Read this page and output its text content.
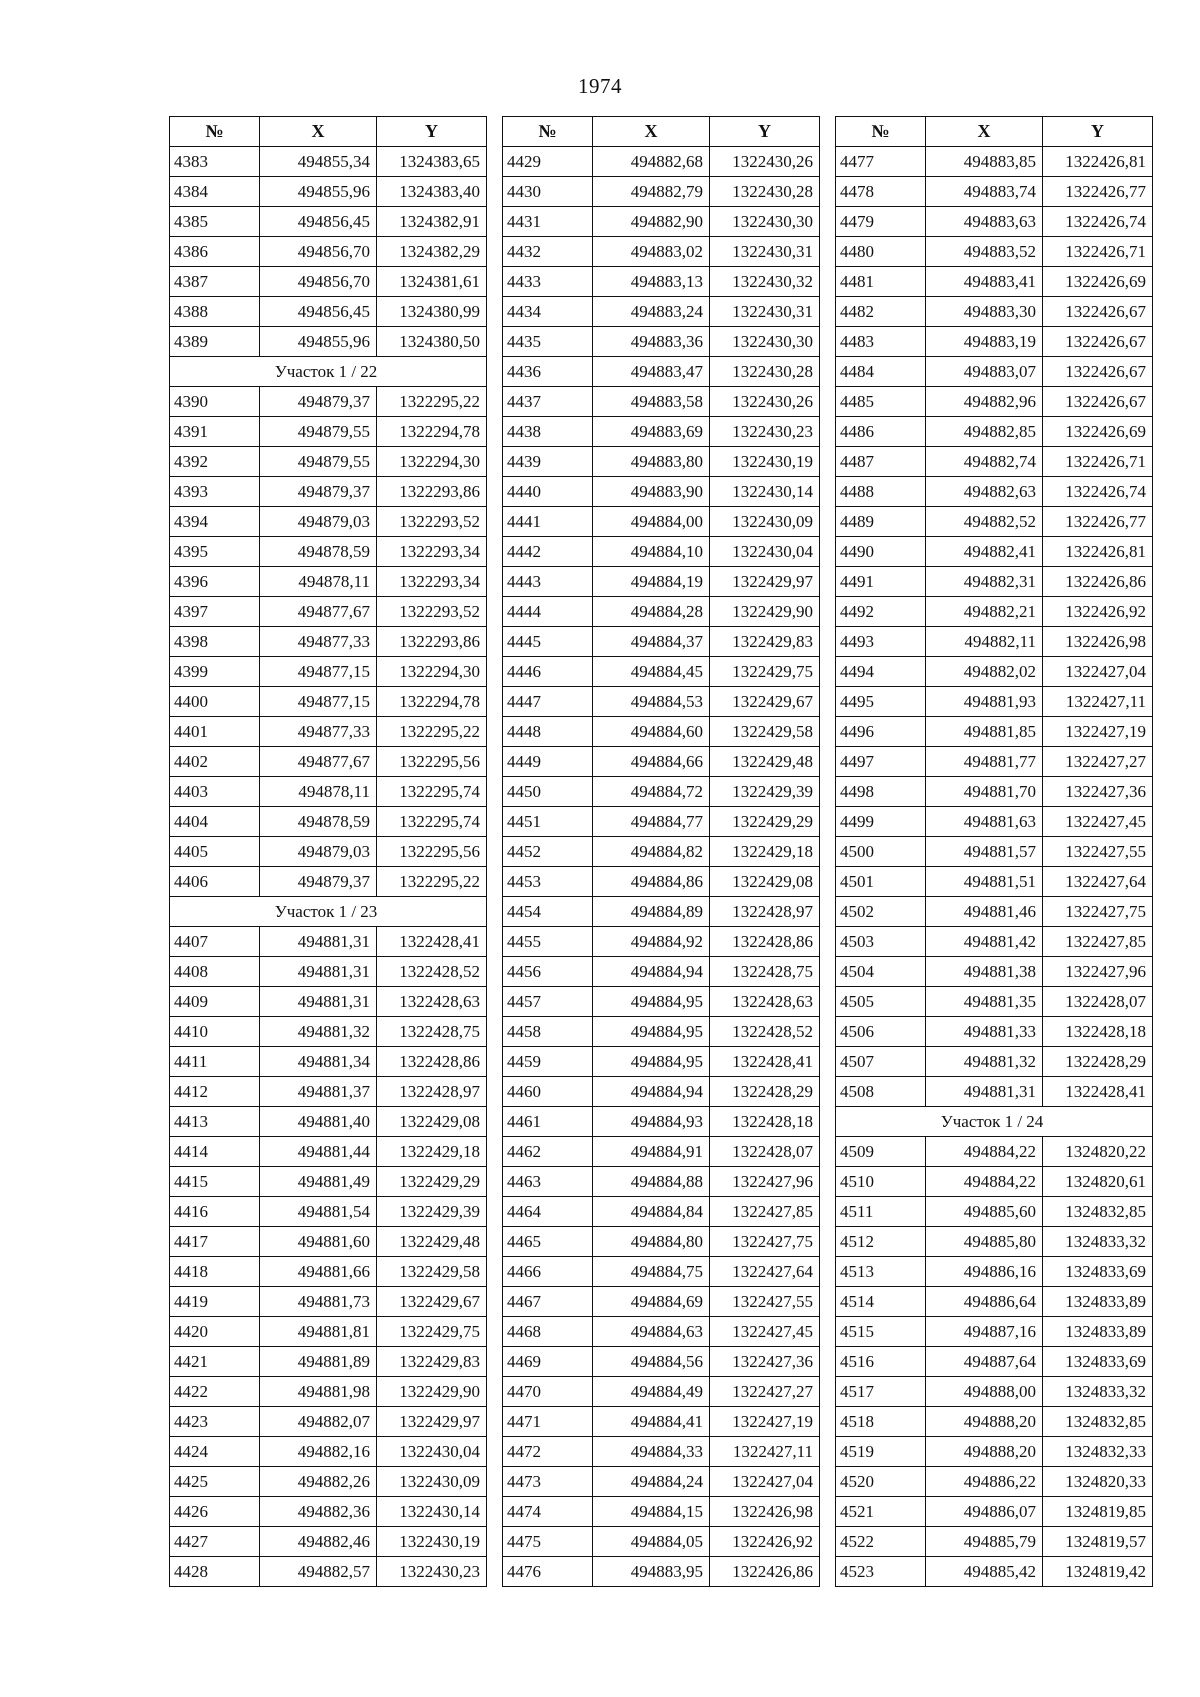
1974
№	X	Y
4383	494855,34	1324383,65
4384	494855,96	1324383,40
4385	494856,45	1324382,91
4386	494856,70	1324382,29
4387	494856,70	1324381,61
4388	494856,45	1324380,99
4389	494855,96	1324380,50
Участок 1 / 22		
4390	494879,37	1322295,22
4391	494879,55	1322294,78
4392	494879,55	1322294,30
4393	494879,37	1322293,86
4394	494879,03	1322293,52
4395	494878,59	1322293,34
4396	494878,11	1322293,34
4397	494877,67	1322293,52
4398	494877,33	1322293,86
4399	494877,15	1322294,30
4400	494877,15	1322294,78
4401	494877,33	1322295,22
4402	494877,67	1322295,56
4403	494878,11	1322295,74
4404	494878,59	1322295,74
4405	494879,03	1322295,56
4406	494879,37	1322295,22
Участок 1 / 23		
4407	494881,31	1322428,41
4408	494881,31	1322428,52
4409	494881,31	1322428,63
4410	494881,32	1322428,75
4411	494881,34	1322428,86
4412	494881,37	1322428,97
4413	494881,40	1322429,08
4414	494881,44	1322429,18
4415	494881,49	1322429,29
4416	494881,54	1322429,39
4417	494881,60	1322429,48
4418	494881,66	1322429,58
4419	494881,73	1322429,67
4420	494881,81	1322429,75
4421	494881,89	1322429,83
4422	494881,98	1322429,90
4423	494882,07	1322429,97
4424	494882,16	1322430,04
4425	494882,26	1322430,09
4426	494882,36	1322430,14
4427	494882,46	1322430,19
4428	494882,57	1322430,23
№	X	Y
4429	494882,68	1322430,26
4430	494882,79	1322430,28
4431	494882,90	1322430,30
4432	494883,02	1322430,31
4433	494883,13	1322430,32
4434	494883,24	1322430,31
4435	494883,36	1322430,30
4436	494883,47	1322430,28
4437	494883,58	1322430,26
4438	494883,69	1322430,23
4439	494883,80	1322430,19
4440	494883,90	1322430,14
4441	494884,00	1322430,09
4442	494884,10	1322430,04
4443	494884,19	1322429,97
4444	494884,28	1322429,90
4445	494884,37	1322429,83
4446	494884,45	1322429,75
4447	494884,53	1322429,67
4448	494884,60	1322429,58
4449	494884,66	1322429,48
4450	494884,72	1322429,39
4451	494884,77	1322429,29
4452	494884,82	1322429,18
4453	494884,86	1322429,08
4454	494884,89	1322428,97
4455	494884,92	1322428,86
4456	494884,94	1322428,75
4457	494884,95	1322428,63
4458	494884,95	1322428,52
4459	494884,95	1322428,41
4460	494884,94	1322428,29
4461	494884,93	1322428,18
4462	494884,91	1322428,07
4463	494884,88	1322427,96
4464	494884,84	1322427,85
4465	494884,80	1322427,75
4466	494884,75	1322427,64
4467	494884,69	1322427,55
4468	494884,63	1322427,45
4469	494884,56	1322427,36
4470	494884,49	1322427,27
4471	494884,41	1322427,19
4472	494884,33	1322427,11
4473	494884,24	1322427,04
4474	494884,15	1322426,98
4475	494884,05	1322426,92
4476	494883,95	1322426,86
№	X	Y
4477	494883,85	1322426,81
4478	494883,74	1322426,77
4479	494883,63	1322426,74
4480	494883,52	1322426,71
4481	494883,41	1322426,69
4482	494883,30	1322426,67
4483	494883,19	1322426,67
4484	494883,07	1322426,67
4485	494882,96	1322426,67
4486	494882,85	1322426,69
4487	494882,74	1322426,71
4488	494882,63	1322426,74
4489	494882,52	1322426,77
4490	494882,41	1322426,81
4491	494882,31	1322426,86
4492	494882,21	1322426,92
4493	494882,11	1322426,98
4494	494882,02	1322427,04
4495	494881,93	1322427,11
4496	494881,85	1322427,19
4497	494881,77	1322427,27
4498	494881,70	1322427,36
4499	494881,63	1322427,45
4500	494881,57	1322427,55
4501	494881,51	1322427,64
4502	494881,46	1322427,75
4503	494881,42	1322427,85
4504	494881,38	1322427,96
4505	494881,35	1322428,07
4506	494881,33	1322428,18
4507	494881,32	1322428,29
4508	494881,31	1322428,41
Участок 1 / 24		
4509	494884,22	1324820,22
4510	494884,22	1324820,61
4511	494885,60	1324832,85
4512	494885,80	1324833,32
4513	494886,16	1324833,69
4514	494886,64	1324833,89
4515	494887,16	1324833,89
4516	494887,64	1324833,69
4517	494888,00	1324833,32
4518	494888,20	1324832,85
4519	494888,20	1324832,33
4520	494886,22	1324820,33
4521	494886,07	1324819,85
4522	494885,79	1324819,57
4523	494885,42	1324819,42
